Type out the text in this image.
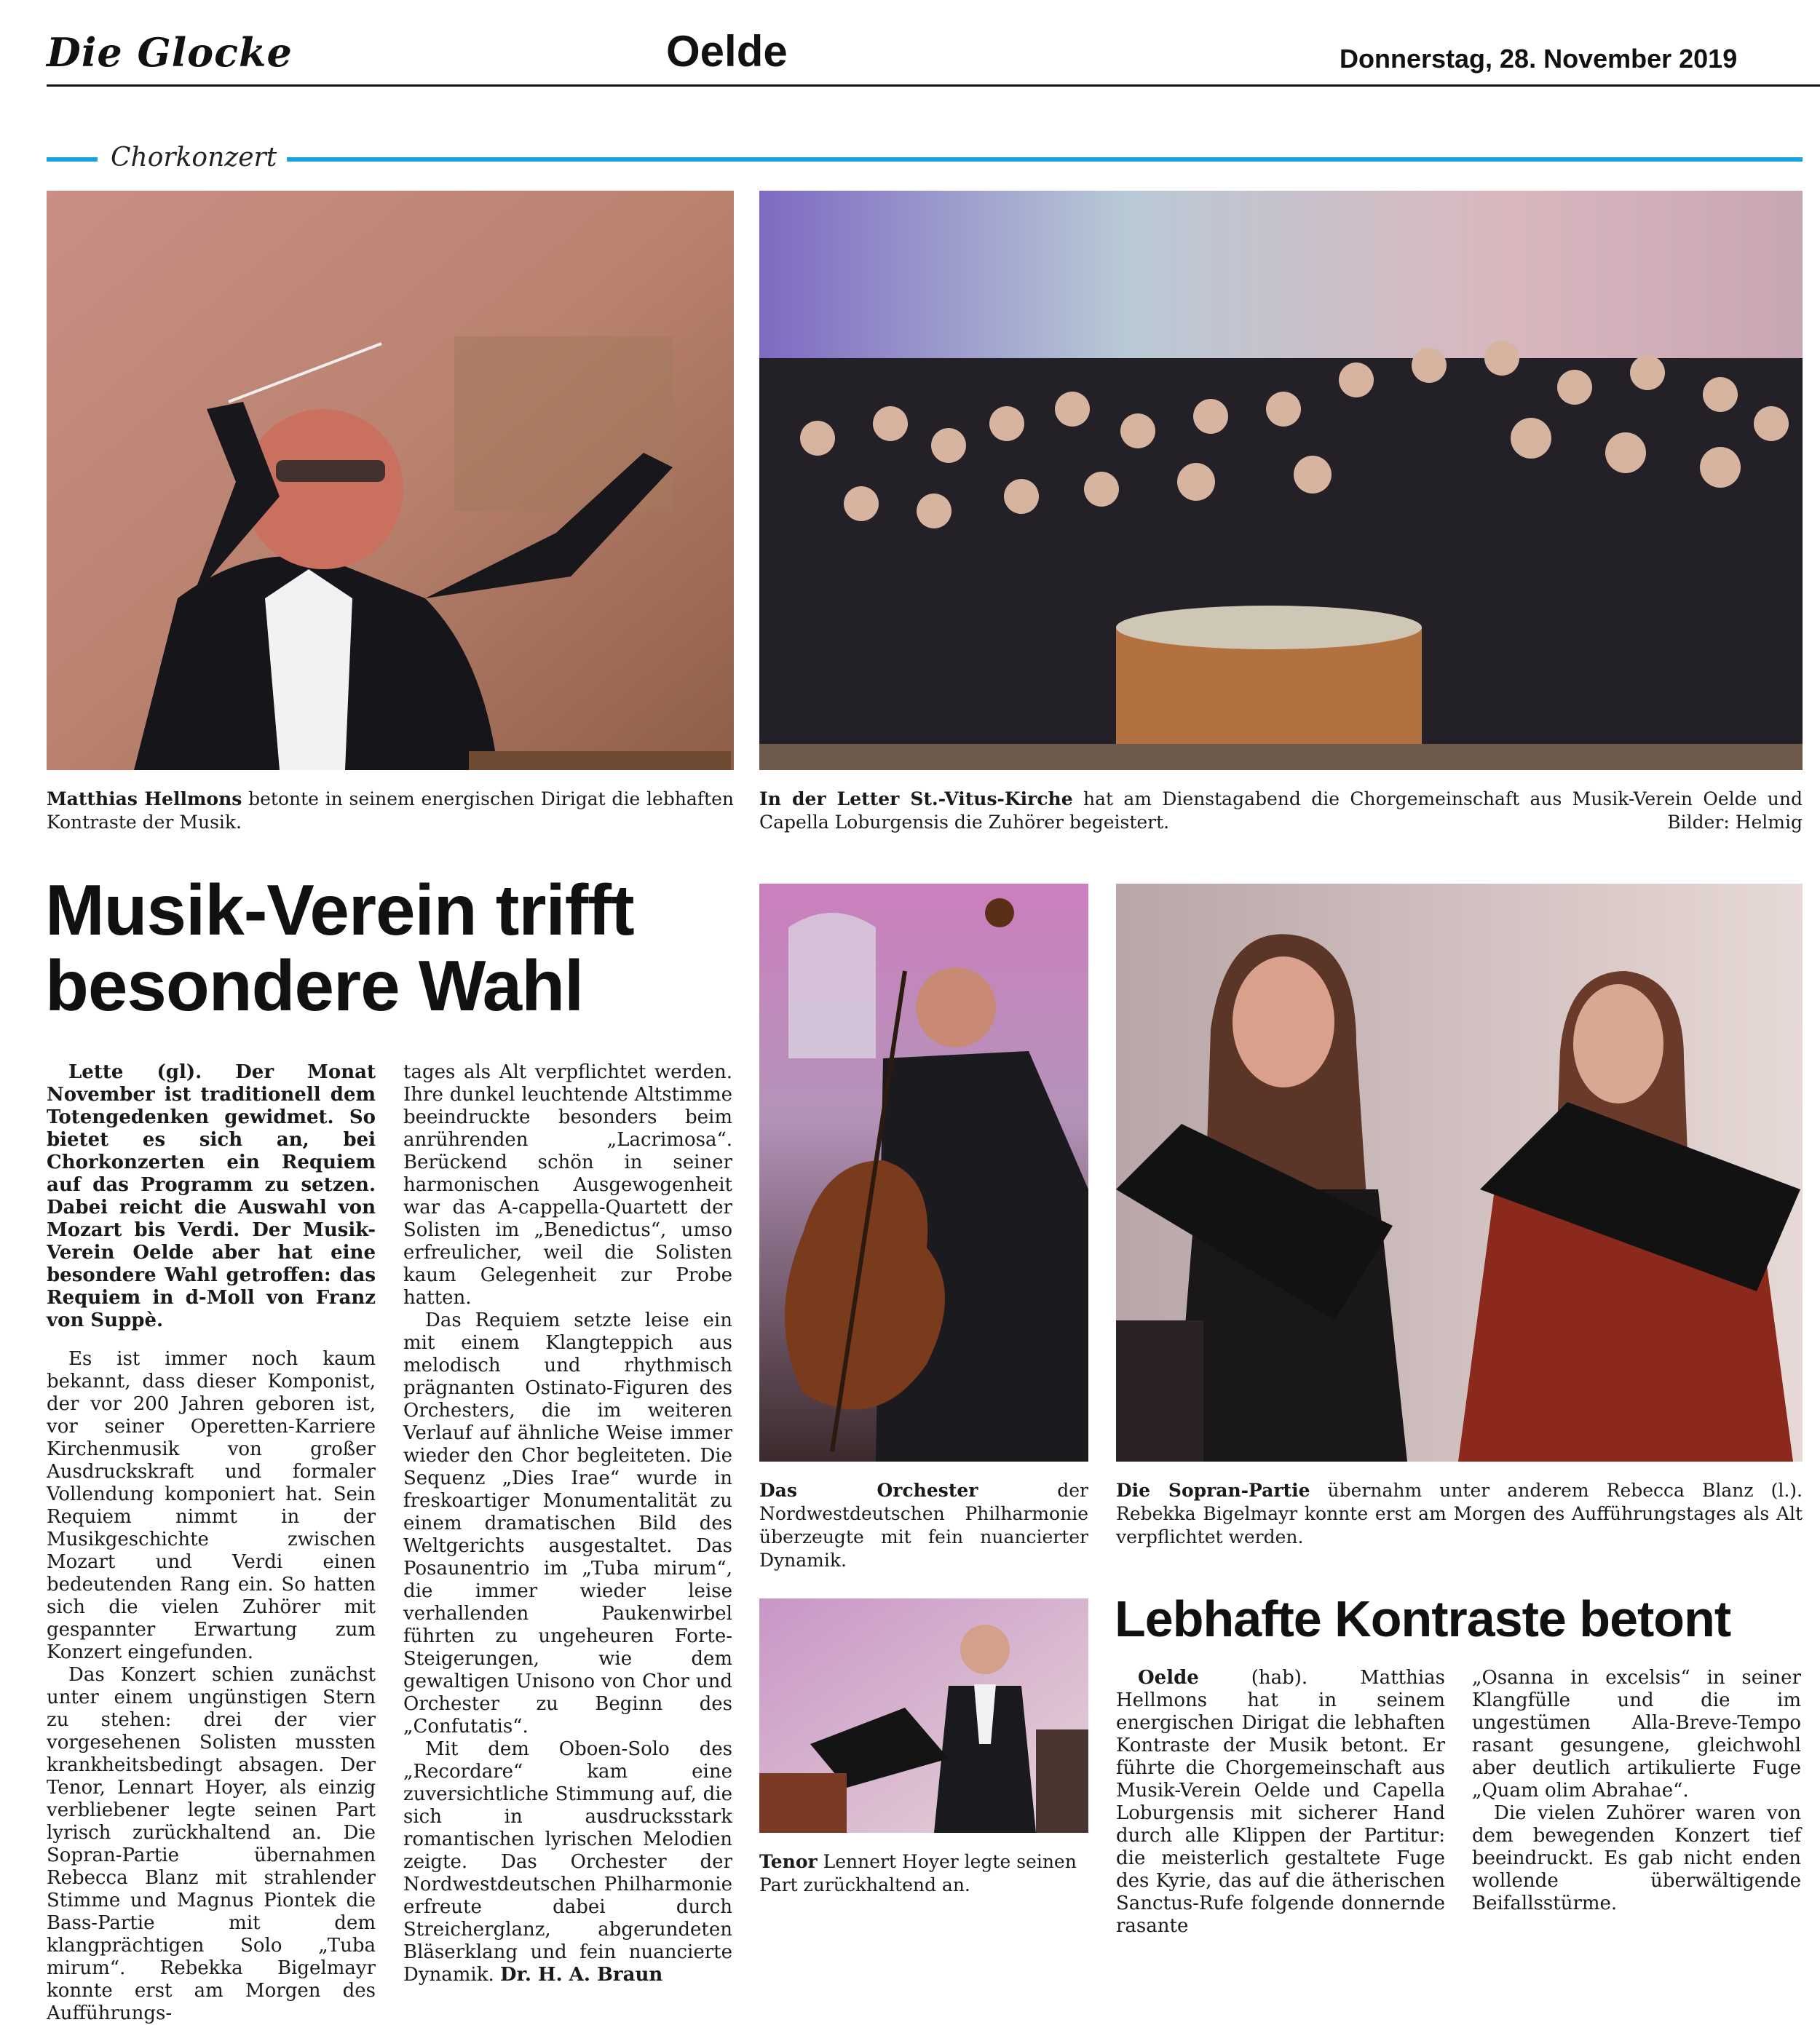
Die Glocke	Oelde	Donnerstag, 28. November 2019
Chorkonzert
Matthias Hellmons betonte in seinem energischen Dirigat die lebhaften Kontraste der Musik.
In der Letter St.-Vitus-Kirche hat am Dienstagabend die Chorgemeinschaft aus Musik-Verein Oelde und Capella Loburgensis die Zuhörer begeistert.	Bilder: Helmig
Musik-Verein trifft
besondere Wahl

Lette (gl). Der Monat November ist traditionell dem Totengedenken gewidmet. So bietet es sich an, bei Chorkonzerten ein Requiem auf das Programm zu setzen. Dabei reicht die Auswahl von Mozart bis Verdi. Der Musik-Verein Oelde aber hat eine besondere Wahl getroffen: das Requiem in d-Moll von Franz von Suppè.

Es ist immer noch kaum bekannt, dass dieser Komponist, der vor 200 Jahren geboren ist, vor seiner Operetten-Karriere Kirchenmusik von großer Ausdruckskraft und formaler Vollendung komponiert hat. Sein Requiem nimmt in der Musikgeschichte zwischen Mozart und Verdi einen bedeutenden Rang ein. So hatten sich die vielen Zuhörer mit gespannter Erwartung zum Konzert eingefunden.

Das Konzert schien zunächst unter einem ungünstigen Stern zu stehen: drei der vier vorgesehenen Solisten mussten krankheitsbedingt absagen. Der Tenor, Lennart Hoyer, als einzig verbliebener legte seinen Part lyrisch zurückhaltend an. Die Sopran-Partie übernahmen Rebecca Blanz mit strahlender Stimme und Magnus Piontek die Bass-Partie mit dem klangprächtigen Solo „Tuba mirum“. Rebekka Bigelmayr konnte erst am Morgen des Aufführungs-

tages als Alt verpflichtet werden. Ihre dunkel leuchtende Altstimme beeindruckte besonders beim anrührenden „Lacrimosa“. Berückend schön in seiner harmonischen Ausgewogenheit war das A-cappella-Quartett der Solisten im „Benedictus“, umso erfreulicher, weil die Solisten kaum Gelegenheit zur Probe hatten.

Das Requiem setzte leise ein mit einem Klangteppich aus melodisch und rhythmisch prägnanten Ostinato-Figuren des Orchesters, die im weiteren Verlauf auf ähnliche Weise immer wieder den Chor begleiteten. Die Sequenz „Dies Irae“ wurde in freskoartiger Monumentalität zu einem dramatischen Bild des Weltgerichts ausgestaltet. Das Posaunentrio im „Tuba mirum“, die immer wieder leise verhallenden Paukenwirbel führten zu ungeheuren Forte-Steigerungen, wie dem gewaltigen Unisono von Chor und Orchester zu Beginn des „Confutatis“.

Mit dem Oboen-Solo des „Recordare“ kam eine zuversichtliche Stimmung auf, die sich in ausdrucksstark romantischen lyrischen Melodien zeigte. Das Orchester der Nordwestdeutschen Philharmonie erfreute dabei durch Streicherglanz, abgerundeten Bläserklang und fein nuancierte Dynamik. Dr. H. A. Braun

Das Orchester	der Nordwestdeutschen Philharmonie überzeugte mit fein nuancierter Dynamik.
Die Sopran-Partie übernahm unter anderem Rebecca Blanz (l.). Rebekka Bigelmayr konnte erst am Morgen des Aufführungstages als Alt verpflichtet werden.
Tenor Lennert Hoyer legte seinen Part zurückhaltend an.
Lebhafte Kontraste betont

Oelde (hab). Matthias Hellmons hat in seinem energischen Dirigat die lebhaften Kontraste der Musik betont. Er führte die Chorgemeinschaft aus Musik-Verein Oelde und Capella Loburgensis mit sicherer Hand durch alle Klippen der Partitur: die meisterlich gestaltete Fuge des Kyrie, das auf die ätherischen Sanctus-Rufe folgende donnernde rasante

„Osanna in excelsis“ in seiner Klangfülle und die im ungestümen Alla-Breve-Tempo rasant gesungene, gleichwohl aber deutlich artikulierte Fuge „Quam olim Abrahae“.

Die vielen Zuhörer waren von dem bewegenden Konzert tief beeindruckt. Es gab nicht enden wollende überwältigende Beifallsstürme.
